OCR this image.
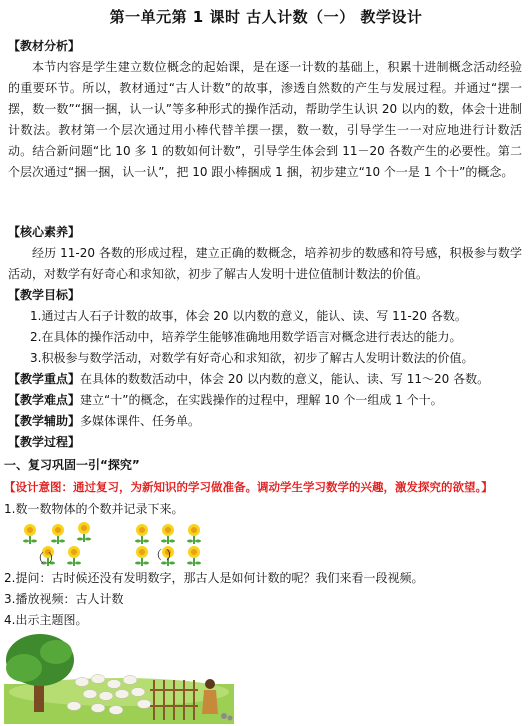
第一单元第 1 课时 古人计数（一） 教学设计
【教材分析】
本节内容是学生建立数位概念的起始课，是在逐一计数的基础上，积累十进制概念活动经验的重要环节。所以，教材通过“古人计数”的故事，渗透自然数的产生与发展过程。并通过“摆一摆，数一数”“捆一捆，认一认”等多种形式的操作活动，帮助学生认识 20 以内的数，体会十进制计数法。教材第一个层次通过用小棒代替羊摆一摆，数一数，引导学生一一对应地进行计数活动。结合新问题“比 10 多 1 的数如何计数”，引导学生体会到 11－20 各数产生的必要性。第二个层次通过“捆一捆，认一认”，把 10 跟小棒捆成 1 捆，初步建立“10 个一是 1 个十”的概念。
【核心素养】
经历 11-20 各数的形成过程，建立正确的数概念，培养初步的数感和符号感，积极参与数学活动，对数学有好奇心和求知欲，初步了解古人发明十进位值制计数法的价值。
【教学目标】
1.通过古人石子计数的故事，体会 20 以内数的意义，能认、读、写 11-20 各数。
2.在具体的操作活动中，培养学生能够准确地用数学语言对概念进行表达的能力。
3.积极参与数学活动，对数学有好奇心和求知欲，初步了解古人发明计数法的价值。
【教学重点】在具体的数数活动中，体会 20 以内数的意义，能认、读、写 11～20 各数。
【教学难点】建立“十”的概念，在实践操作的过程中，理解 10 个一组成 1 个十。
【教学辅助】多媒体课件、任务单。
【教学过程】
一、复习巩固一引“探究”
【设计意图：通过复习，为新知识的学习做准备。调动学生学习数学的兴趣，激发探究的欲望。】
1.数一数物体的个数并记录下来。
（ ）	（ ）
2.提问：古时候还没有发明数字，那古人是如何计数的呢？我们来看一段视频。
3.播放视频：古人计数
4.出示主题图。
